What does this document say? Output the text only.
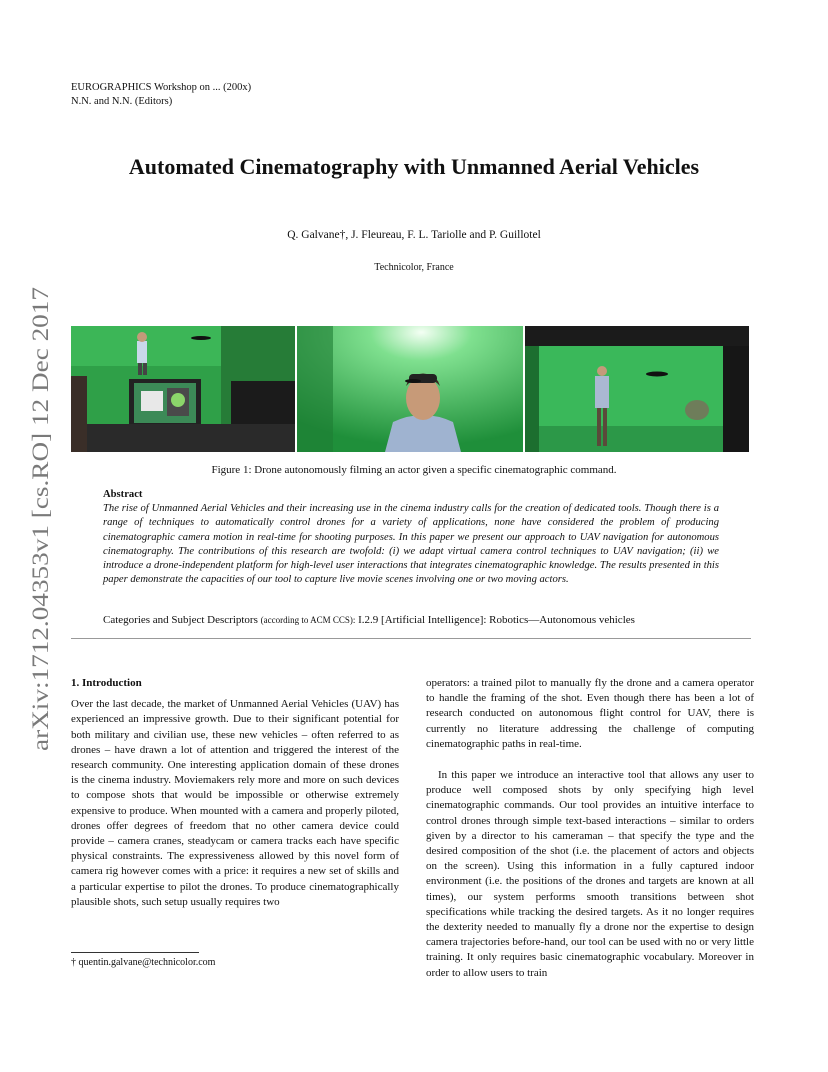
EUROGRAPHICS Workshop on ... (200x)
N.N. and N.N. (Editors)
arXiv:1712.04353v1 [cs.RO] 12 Dec 2017
Automated Cinematography with Unmanned Aerial Vehicles
Q. Galvane†, J. Fleureau, F. L. Tariolle and P. Guillotel
Technicolor, France
Figure 1: Drone autonomously filming an actor given a specific cinematographic command.
Abstract
The rise of Unmanned Aerial Vehicles and their increasing use in the cinema industry calls for the creation of dedicated tools. Though there is a range of techniques to automatically control drones for a variety of applications, none have considered the problem of producing cinematographic camera motion in real-time for shooting purposes. In this paper we present our approach to UAV navigation for autonomous cinematography. The contributions of this research are twofold: (i) we adapt virtual camera control techniques to UAV navigation; (ii) we introduce a drone-independent platform for high-level user interactions that integrates cinematographic knowledge. The results presented in this paper demonstrate the capacities of our tool to capture live movie scenes involving one or two moving actors.
Categories and Subject Descriptors (according to ACM CCS): I.2.9 [Artificial Intelligence]: Robotics—Autonomous vehicles

1. Introduction

Over the last decade, the market of Unmanned Aerial Vehicles (UAV) has experienced an impressive growth. Due to their significant potential for both military and civilian use, these new vehicles – often referred to as drones – have drawn a lot of attention and triggered the interest of the research community. One interesting application domain of these drones is the cinema industry. Moviemakers rely more and more on such devices to compose shots that would be impossible or otherwise extremely expensive to produce. When mounted with a camera and properly piloted, drones offer degrees of freedom that no other camera device could provide – camera cranes, steadycam or camera tracks each have specific physical constraints. The expressiveness allowed by this novel form of camera rig however comes with a price: it requires a new set of skills and a particular expertise to pilot the drones. To produce cinematographically plausible shots, such setup usually requires two

operators: a trained pilot to manually fly the drone and a camera operator to handle the framing of the shot. Even though there has been a lot of research conducted on autonomous flight control for UAV, there is currently no literature addressing the challenge of computing cinematographic paths in real-time.

In this paper we introduce an interactive tool that allows any user to produce well composed shots by only specifying high level cinematographic commands. Our tool provides an intuitive interface to control drones through simple text-based interactions – similar to orders given by a director to his cameraman – that specify the type and the desired composition of the shot (i.e. the placement of actors and objects on the screen). Using this information in a fully captured indoor environment (i.e. the positions of the drones and targets are known at all times), our system performs smooth transitions between shot specifications while tracking the desired targets. As it no longer requires the dexterity needed to manually fly a drone nor the expertise to design camera trajectories before-hand, our tool can be used with no or very little training. It only requires basic cinematographic vocabulary. Moreover in order to allow users to train

† quentin.galvane@technicolor.com
